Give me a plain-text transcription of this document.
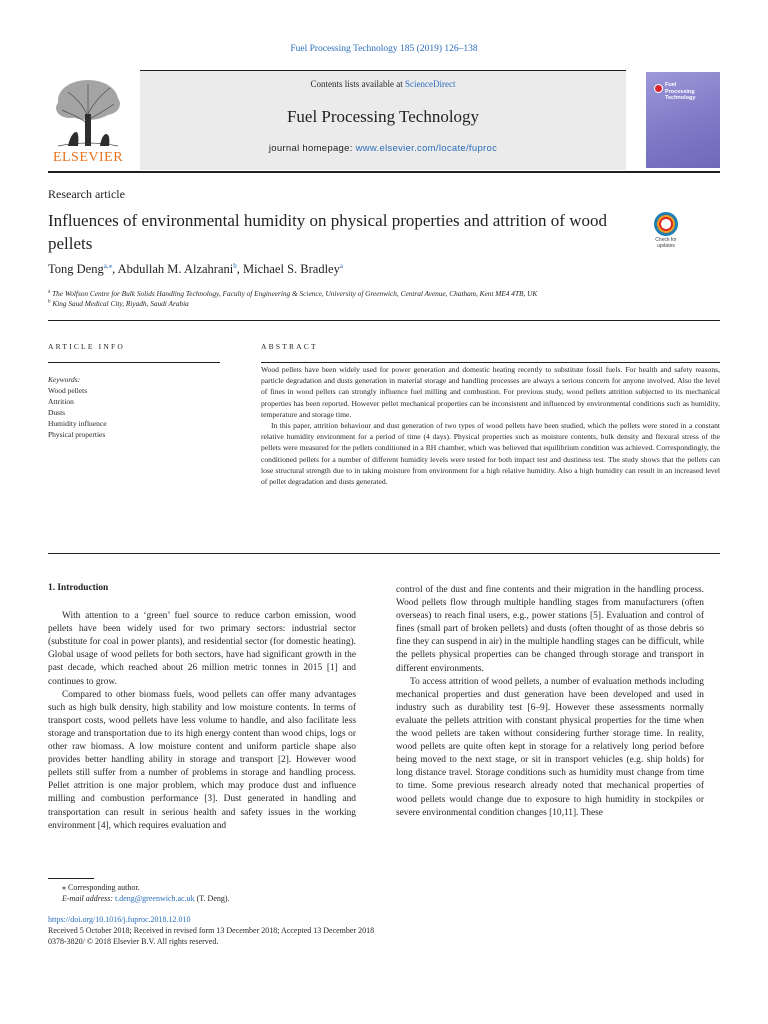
Fuel Processing Technology 185 (2019) 126–138
ELSEVIER
Contents lists available at ScienceDirect
Fuel Processing Technology
journal homepage: www.elsevier.com/locate/fuproc
Fuel
Processing
Technology
Research article
Influences of environmental humidity on physical properties and attrition of wood pellets	Check for
updates
Tong Deng$^{a,⁎}$, Abdullah M. Alzahrani$^b$, Michael S. Bradley$^a$
$^a$ The Wolfson Centre for Bulk Solids Handling Technology, Faculty of Engineering & Science, University of Greenwich, Central Avenue, Chatham, Kent ME4 4TB, UK
$^b$ King Saud Medical City, Riyadh, Saudi Arabia
ARTICLE INFO	ABSTRACT
Keywords:
Wood pellets
Attrition
Dusts
Humidity influence
Physical properties

Wood pellets have been widely used for power generation and domestic heating recently to substitute fossil fuels. For health and safety reasons, particle degradation and dusts generation in material storage and handling processes are always a serious concern for anyone involved. Also the level of fines in wood pellets can strongly influence fuel milling and combustion. For previous study, wood pellets attrition subjected to its mechanical properties has been reported. However pellet mechanical properties can be inconsistent and influenced by environmental conditions such as humidity, temperature and storage time.

In this paper, attrition behaviour and dust generation of two types of wood pellets have been studied, which the pellets were stored in a constant relative humidity environment for a period of time (4 days). Physical properties such as moisture contents, bulk density and flexural stress of the pellets were measured for the pellets conditioned in a RH chamber, which was believed that equilibrium condition was achieved. Correspondingly, the conditioned pellets for a number of different humidity levels were tested for both impact test and dustiness test. The study shows that the pellets can lose structural strength due to in taking moisture from environment for a high relative humidity. Also a high humidity can result in an increased level of pellet degradation and dusts generated.

1. Introduction

With attention to a ‘green’ fuel source to reduce carbon emission, wood pellets have been widely used for two primary sectors: industrial sector (substitute for coal in power plants), and residential sector (for domestic heating). Global usage of wood pellets for both sectors, have had significant growth in the past decade, which reached about 26 million metric tonnes in 2015 [1] and continues to grow.

Compared to other biomass fuels, wood pellets can offer many advantages such as high bulk density, high stability and low moisture contents. In terms of transport costs, wood pellets have less volume to handle, and also facilitate less storage and transportation due to its high energy content than wood chips, logs or other raw biomass. A low moisture content and uniform particle shape also provides better handling ability in storage and transport [2]. However wood pellets still suffer from a number of problems in storage and handling process. Pellet attrition is one major problem, which may produce dust and influence milling and combustion performance [3]. Dust generated in handling and transportation can result in serious health and safety issues in the working environment [4], which requires evaluation and

control of the dust and fine contents and their migration in the handling process. Wood pellets flow through multiple handling stages from manufacturers (often overseas) to reach final users, e.g., power stations [5]. Evaluation and control of fines (small part of broken pellets) and dusts (often thought of as those debris so fine they can suspend in air) in the multiple handling stages can be difficult, while the pellets physical properties can be changed through storage and transport in different environments.

To access attrition of wood pellets, a number of evaluation methods including mechanical properties and dust generation have been developed and used in industry such as durability test [6–9]. However these assessments normally evaluate the pellets attrition with constant physical properties for the time when the wood pellets are taken without considering further storage time. In reality, wood pellets are quite often kept in storage for a relatively long period before being moved to the next stage, or sit in transport vehicles (e.g. ship holds) for long distance travel. Storage conditions such as humidity must change from time to time. Some previous research already noted that mechanical properties of wood pellets would change due to exposure to high humidity in stockpiles or severe environmental condition changes [10,11]. These

⁎ Corresponding author.
E-mail address: t.deng@greenwich.ac.uk (T. Deng).
https://doi.org/10.1016/j.fuproc.2018.12.010
Received 5 October 2018; Received in revised form 13 December 2018; Accepted 13 December 2018
0378-3820/ © 2018 Elsevier B.V. All rights reserved.
